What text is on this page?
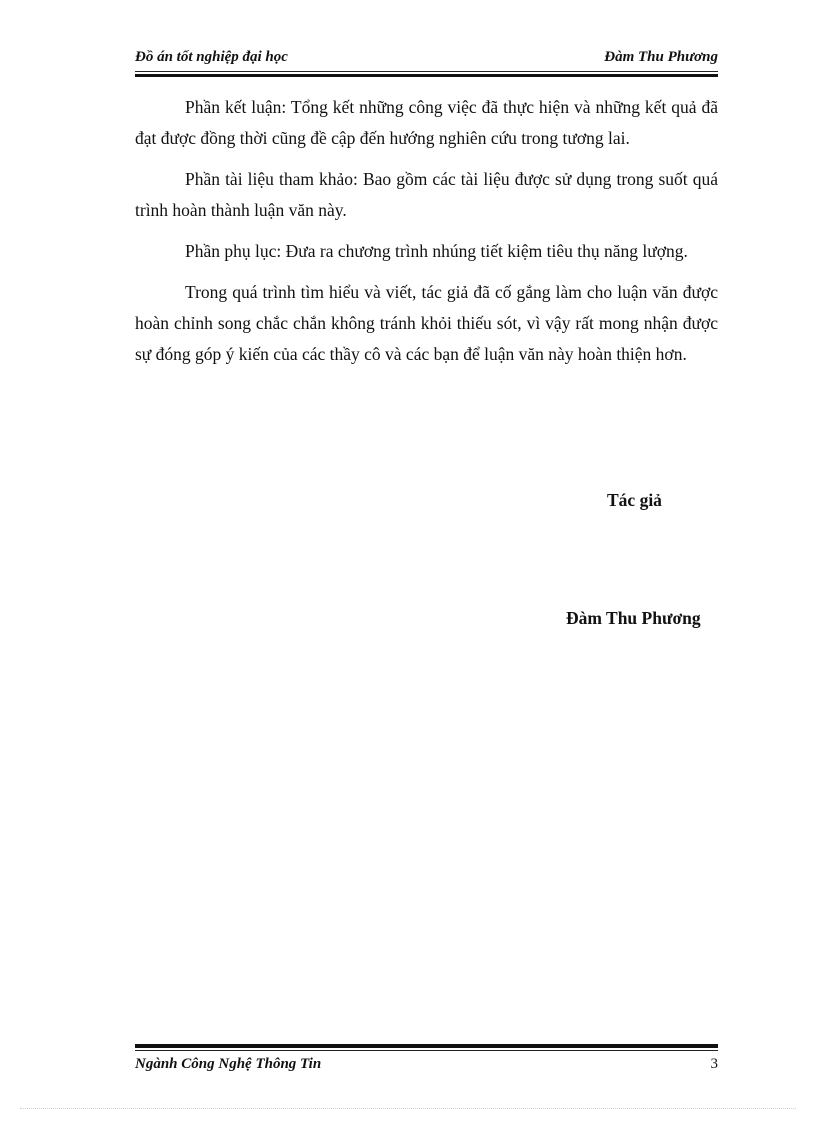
Đồ án tốt nghiệp đại học	Đàm Thu Phương

Phần kết luận: Tổng kết những công việc đã thực hiện và những kết quả đã đạt được đồng thời cũng đề cập đến hướng nghiên cứu trong tương lai.

Phần tài liệu tham khảo: Bao gồm các tài liệu được sử dụng trong suốt quá trình hoàn thành luận văn này.

Phần phụ lục: Đưa ra chương trình nhúng tiết kiệm tiêu thụ năng lượng.

Trong quá trình tìm hiểu và viết, tác giả đã cố gắng làm cho luận văn được hoàn chỉnh song chắc chắn không tránh khỏi thiếu sót, vì vậy rất mong nhận được sự đóng góp ý kiến của các thầy cô và các bạn để luận văn này hoàn thiện hơn.

Tác giả
Đàm Thu Phương
Ngành Công Nghệ Thông Tin	3
